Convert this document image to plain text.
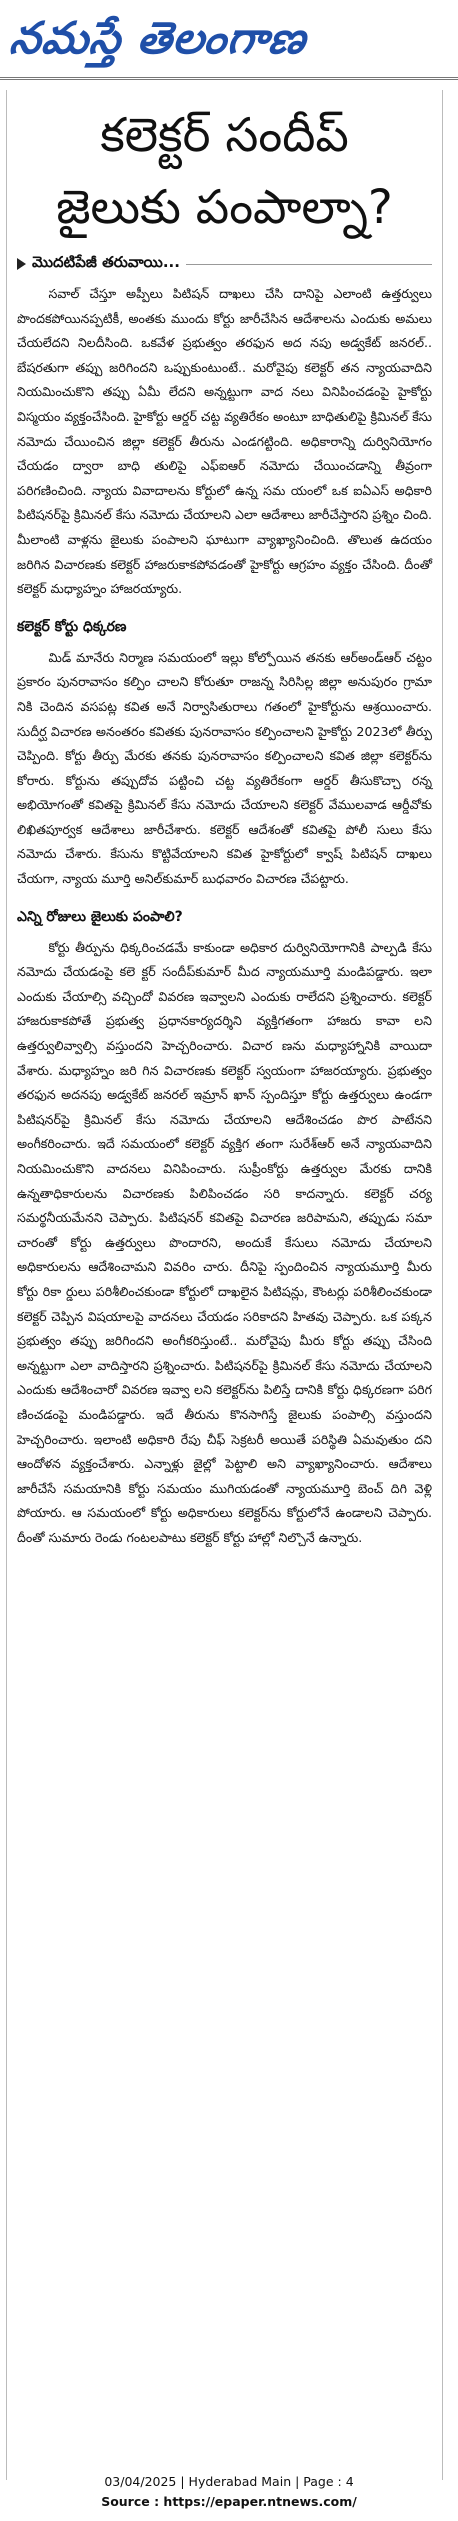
నమస్తే తెలంగాణ
కలెక్టర్ సందీప్
జైలుకు పంపాల్నా?
మొదటిపేజీ తరువాయి...

సవాల్ చేస్తూ అప్పీలు పిటిషన్ దాఖలు చేసి దానిపై ఎలాంటి ఉత్తర్వులు పొందకపోయినప్పటికీ, అంతకు ముందు కోర్టు జారీచేసిన ఆదేశాలను ఎందుకు అమలు చేయలేదని నిలదీసింది. ఒకవేళ ప్రభుత్వం తరఫున అద నపు అడ్వకేట్ జనరల్.. బేషరతుగా తప్పు జరిగిందని ఒప్పుకుంటుంటే.. మరోవైపు కలెక్టర్ తన న్యాయవాదిని నియమించుకొని తప్పు ఏమీ లేదని అన్నట్టుగా వాద నలు వినిపించడంపై హైకోర్టు విస్మయం వ్యక్తంచేసింది. హైకోర్టు ఆర్డర్ చట్ట వ్యతిరేకం అంటూ బాధితులిపై క్రిమినల్ కేసు నమోదు చేయించిన జిల్లా కలెక్టర్ తీరును ఎండగట్టింది. అధికారాన్ని దుర్వినియోగం చేయడం ద్వారా బాధి తులిపై ఎఫ్‌ఐఆర్ నమోదు చేయించడాన్ని తీవ్రంగా పరిగణించింది. న్యాయ వివాదాలను కోర్టులో ఉన్న సమ యంలో ఒక ఐఏఎస్ అధికారి పిటిషనర్‌పై క్రిమినల్ కేసు నమోదు చేయాలని ఎలా ఆదేశాలు జారీచేస్తారని ప్రశ్నిం చింది. మీలాంటి వాళ్లను జైలుకు పంపాలని ఘాటుగా వ్యాఖ్యానించింది. తొలుత ఉదయం జరిగిన విచారణకు కలెక్టర్ హాజరుకాకపోవడంతో హైకోర్టు ఆగ్రహం వ్యక్తం చేసింది. దీంతో కలెక్టర్ మధ్యాహ్నం హాజరయ్యారు.

కలెక్టర్ కోర్టు ధిక్కరణ

మిడ్ మానేరు నిర్మాణ సమయంలో ఇల్లు కోల్పోయిన తనకు ఆర్‌అండ్‌ఆర్ చట్టం ప్రకారం పునరావాసం కల్పిం చాలని కోరుతూ రాజన్న సిరిసిల్ల జిల్లా అనుపురం గ్రామా నికి చెందిన వసపట్ల కవిత అనే నిర్వాసితురాలు గతంలో హైకోర్టును ఆశ్రయించారు. సుదీర్ఘ విచారణ అనంతరం కవితకు పునరావాసం కల్పించాలని హైకోర్టు 2023లో తీర్పు చెప్పింది. కోర్టు తీర్పు మేరకు తనకు పునరావాసం కల్పించాలని కవిత జిల్లా కలెక్టర్‌ను కోరారు. కోర్టును తప్పుదోవ పట్టించి చట్ట వ్యతిరేకంగా ఆర్డర్ తీసుకొచ్చా రన్న అభియోగంతో కవితపై క్రిమినల్ కేసు నమోదు చేయాలని కలెక్టర్ వేములవాడ ఆర్డీవోకు లిఖితపూర్వక ఆదేశాలు జారీచేశారు. కలెక్టర్ ఆదేశంతో కవితపై పోలీ సులు కేసు నమోదు చేశారు. కేసును కొట్టివేయాలని కవిత హైకోర్టులో క్వాష్ పిటిషన్ దాఖలు చేయగా, న్యాయ మూర్తి అనిల్‌కుమార్ బుధవారం విచారణ చేపట్టారు.

ఎన్ని రోజులు జైలుకు పంపాలి?

కోర్టు తీర్పును ధిక్కరించడమే కాకుండా అధికార దుర్వినియోగానికి పాల్పడి కేసు నమోదు చేయడంపై కలె క్టర్ సందీప్‌కుమార్ మీద న్యాయమూర్తి మండిపడ్డారు. ఇలా ఎందుకు చేయాల్సి వచ్చిందో వివరణ ఇవ్వాలని ఎందుకు రాలేదని ప్రశ్నించారు. కలెక్టర్ హాజరుకాకపోతే ప్రభుత్వ ప్రధానకార్యదర్శిని వ్యక్తిగతంగా హాజరు కావా లని ఉత్తర్వులివ్వాల్సి వస్తుందని హెచ్చరించారు. విచార ణను మధ్యాహ్నానికి వాయిదా వేశారు. మధ్యాహ్నం జరి గిన విచారణకు కలెక్టర్ స్వయంగా హాజరయ్యారు. ప్రభుత్వం తరఫున అదనపు అడ్వకేట్ జనరల్ ఇమ్రాన్ ఖాన్ స్పందిస్తూ కోర్టు ఉత్తర్వులు ఉండగా పిటిషనర్‌పై క్రిమినల్ కేసు నమోదు చేయాలని ఆదేశించడం పొర పాటేనని అంగీకరించారు. ఇదే సమయంలో కలెక్టర్ వ్యక్తిగ తంగా సురేశ్‌ఆర్ అనే న్యాయవాదిని నియమించుకొని వాదనలు వినిపించారు. సుప్రీంకోర్టు ఉత్తర్వుల మేరకు దానికి ఉన్నతాధికారులను విచారణకు పిలిపించడం సరి కాదన్నారు. కలెక్టర్ చర్య సమర్థనీయమేనని చెప్పారు. పిటిషనర్ కవితపై విచారణ జరిపామని, తప్పుడు సమా చారంతో కోర్టు ఉత్తర్వులు పొందారని, అందుకే కేసులు నమోదు చేయాలని అధికారులను ఆదేశించామని వివరిం చారు. దీనిపై స్పందించిన న్యాయమూర్తి మీరు కోర్టు రికా ర్డులు పరిశీలించకుండా కోర్టులో దాఖలైన పిటిషన్లు, కౌంటర్లు పరిశీలించకుండా కలెక్టర్ చెప్పిన విషయాలపై వాదనలు చేయడం సరికాదని హితవు చెప్పారు. ఒక పక్కన ప్రభుత్వం తప్పు జరిగిందని అంగీకరిస్తుంటే.. మరోవైపు మీరు కోర్టు తప్పు చేసింది అన్నట్టుగా ఎలా వాదిస్తారని ప్రశ్నించారు. పిటిషనర్‌పై క్రిమినల్ కేసు నమోదు చేయాలని ఎందుకు ఆదేశించారో వివరణ ఇవ్వా లని కలెక్టర్‌ను పిలిస్తే దానికి కోర్టు ధిక్కరణగా పరిగ ణించడంపై మండిపడ్డారు. ఇదే తీరును కొనసాగిస్తే జైలుకు పంపాల్సి వస్తుందని హెచ్చరించారు. ఇలాంటి అధికారి రేపు చీఫ్ సెక్రటరీ అయితే పరిస్థితి ఏమవుతుం దని ఆందోళన వ్యక్తంచేశారు. ఎన్నాళ్లు జైల్లో పెట్టాలి అని వ్యాఖ్యానించారు. ఆదేశాలు జారీచేసే సమయానికి కోర్టు సమయం ముగియడంతో న్యాయమూర్తి బెంచ్ దిగి వెళ్లి పోయారు. ఆ సమయంలో కోర్టు అధికారులు కలెక్టర్‌ను కోర్టులోనే ఉండాలని చెప్పారు. దీంతో సుమారు రెండు గంటలపాటు కలెక్టర్ కోర్టు హాల్లో నిల్చొనే ఉన్నారు.

03/04/2025 | Hyderabad Main | Page : 4
Source : https://epaper.ntnews.com/
